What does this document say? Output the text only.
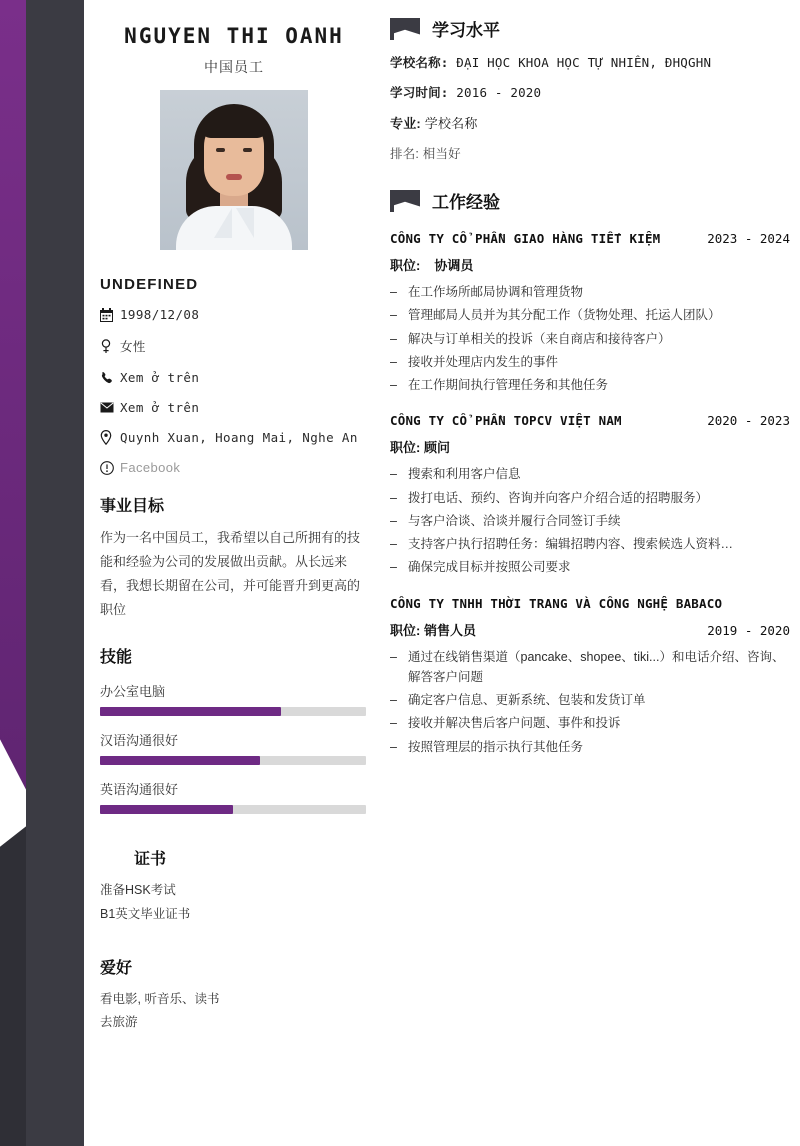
NGUYEN THI OANH
中国员工
UNDEFINED
1998/12/08
女性
Xem ở trên
Xem ở trên
Quynh Xuan, Hoang Mai, Nghe An
Facebook
事业目标
作为一名中国员工，我希望以自己所拥有的技能和经验为公司的发展做出贡献。从长远来看，我想长期留在公司，并可能晋升到更高的职位
技能
办公室电脑
汉语沟通很好
英语沟通很好
证书
准备HSK考试
B1英文毕业证书
爱好
看电影, 听音乐、读书
去旅游
学习水平
学校名称: ĐẠI HỌC KHOA HỌC TỰ NHIÊN, ĐHQGHN
学习时间: 2016 - 2020
专业: 学校名称
排名: 相当好
工作经验
CÔNG TY CỔ PHẦN GIAO HÀNG TIẾT KIỆM	2023 - 2024
职位: 协调员
– 在工作场所邮局协调和管理货物
– 管理邮局人员并为其分配工作（货物处理、托运人团队）
– 解决与订单相关的投诉（来自商店和接待客户）
– 接收并处理店内发生的事件
– 在工作期间执行管理任务和其他任务
CÔNG TY CỔ PHẦN TOPCV VIỆT NAM	2020 - 2023
职位: 顾问
– 搜索和利用客户信息
– 拨打电话、预约、咨询并向客户介绍合适的招聘服务）
– 与客户洽谈、洽谈并履行合同签订手续
– 支持客户执行招聘任务：编辑招聘内容、搜索候选人资料…
– 确保完成目标并按照公司要求
CÔNG TY TNHH THỜI TRANG VÀ CÔNG NGHỆ BABACO
职位: 销售人员	2019 - 2020
– 通过在线销售渠道（pancake、shopee、tiki...）和电话介绍、咨询、解答客户问题
– 确定客户信息、更新系统、包装和发货订单
– 接收并解决售后客户问题、事件和投诉
– 按照管理层的指示执行其他任务
